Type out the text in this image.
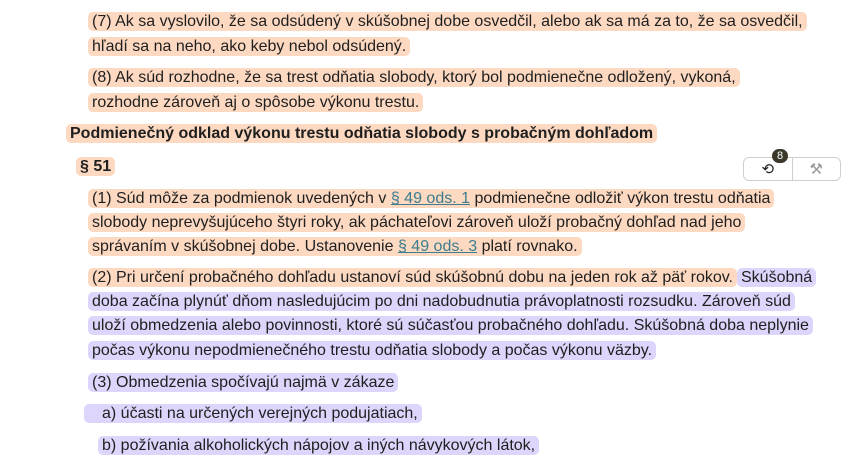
(7) Ak sa vyslovilo, že sa odsúdený v skúšobnej dobe osvedčil, alebo ak sa má za to, že sa osvedčil,
hľadí sa na neho, ako keby nebol odsúdený.
(8) Ak súd rozhodne, že sa trest odňatia slobody, ktorý bol podmienečne odložený, vykoná,
rozhodne zároveň aj o spôsobe výkonu trestu.
Podmienečný odklad výkonu trestu odňatia slobody s probačným dohľadom
§ 51	⟲ ⚒
8
(1) Súd môže za podmienok uvedených v § 49 ods. 1 podmienečne odložiť výkon trestu odňatia
slobody neprevyšujúceho štyri roky, ak páchateľovi zároveň uloží probačný dohľad nad jeho
správaním v skúšobnej dobe. Ustanovenie § 49 ods. 3 platí rovnako.
(2) Pri určení probačného dohľadu ustanoví súd skúšobnú dobu na jeden rok až päť rokov. Skúšobná
doba začína plynúť dňom nasledujúcim po dni nadobudnutia právoplatnosti rozsudku. Zároveň súd
uloží obmedzenia alebo povinnosti, ktoré sú súčasťou probačného dohľadu. Skúšobná doba neplynie
počas výkonu nepodmienečného trestu odňatia slobody a počas výkonu väzby.
(3) Obmedzenia spočívajú najmä v zákaze
a) účasti na určených verejných podujatiach,
b) požívania alkoholických nápojov a iných návykových látok,
